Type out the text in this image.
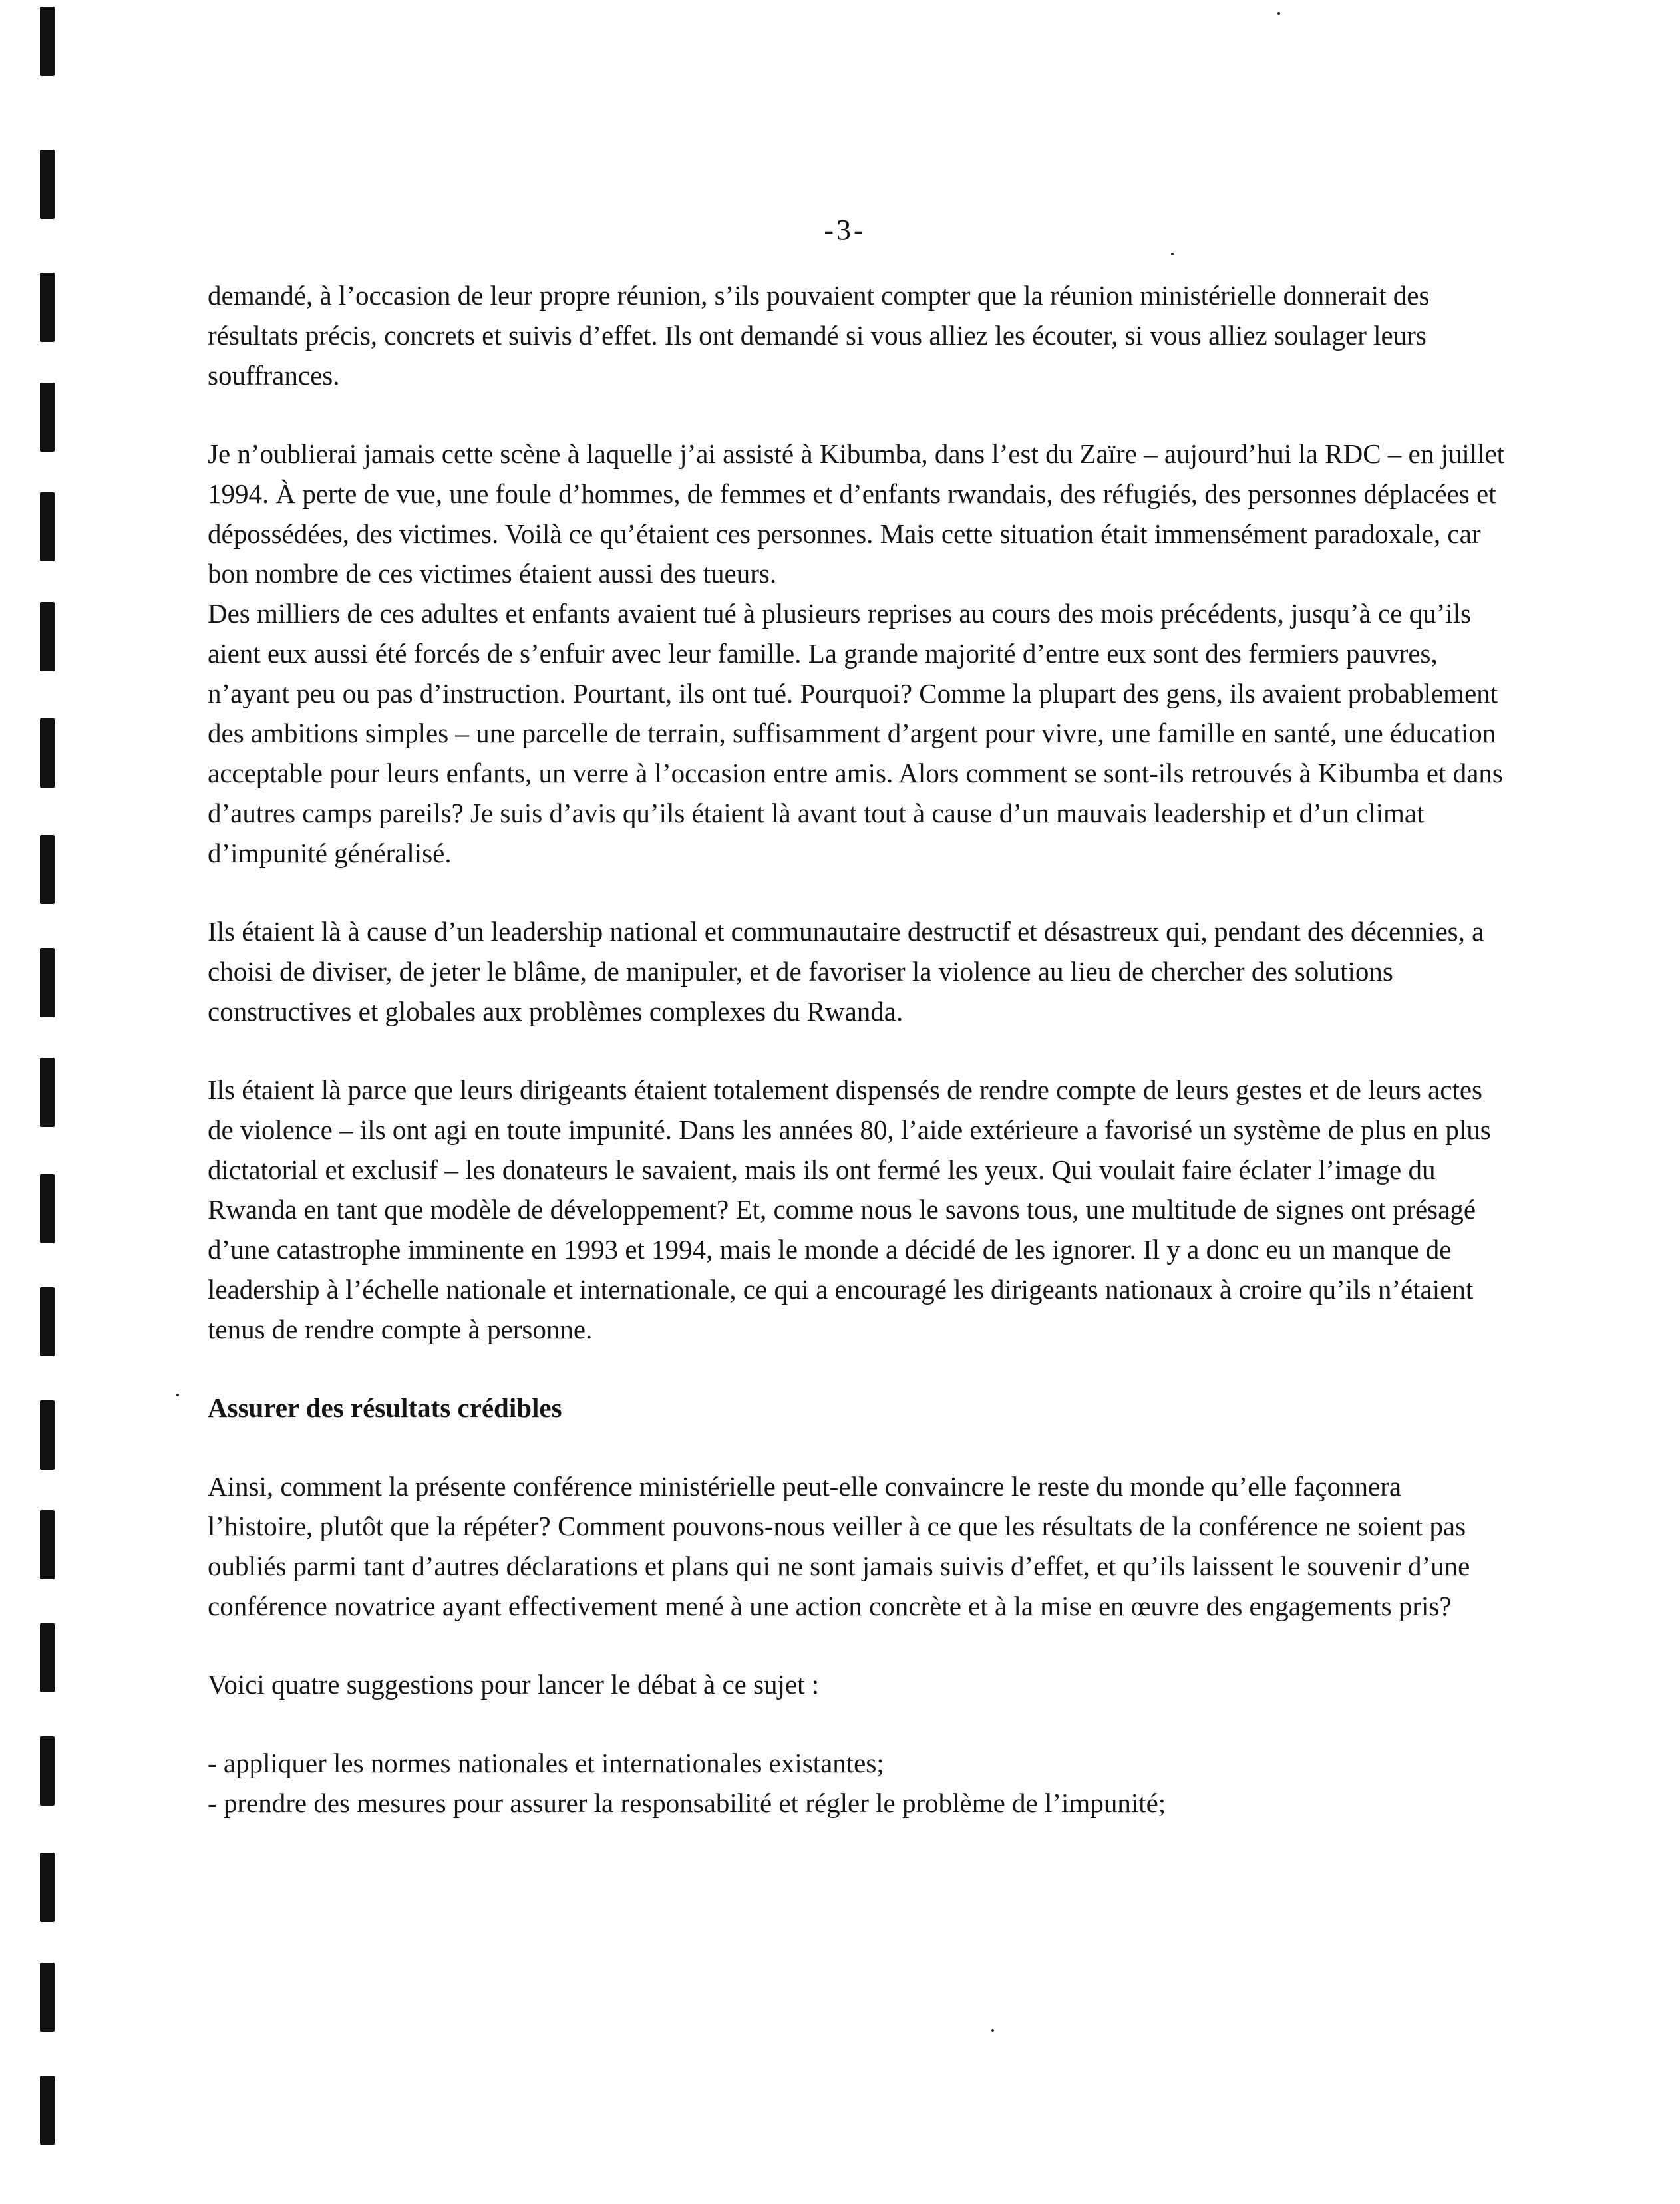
-3-

demandé, à l’occasion de leur propre réunion, s’ils pouvaient compter que la réunion ministérielle donnerait des résultats précis, concrets et suivis d’effet. Ils ont demandé si vous alliez les écouter, si vous alliez soulager leurs souffrances.

Je n’oublierai jamais cette scène à laquelle j’ai assisté à Kibumba, dans l’est du Zaïre – aujourd’hui la RDC – en juillet 1994. À perte de vue, une foule d’hommes, de femmes et d’enfants rwandais, des réfugiés, des personnes déplacées et dépossédées, des victimes. Voilà ce qu’étaient ces personnes. Mais cette situation était immensément paradoxale, car bon nombre de ces victimes étaient aussi des tueurs.

Des milliers de ces adultes et enfants avaient tué à plusieurs reprises au cours des mois précédents, jusqu’à ce qu’ils aient eux aussi été forcés de s’enfuir avec leur famille. La grande majorité d’entre eux sont des fermiers pauvres, n’ayant peu ou pas d’instruction. Pourtant, ils ont tué. Pourquoi? Comme la plupart des gens, ils avaient probablement des ambitions simples – une parcelle de terrain, suffisamment d’argent pour vivre, une famille en santé, une éducation acceptable pour leurs enfants, un verre à l’occasion entre amis. Alors comment se sont-ils retrouvés à Kibumba et dans d’autres camps pareils? Je suis d’avis qu’ils étaient là avant tout à cause d’un mauvais leadership et d’un climat d’impunité généralisé.

Ils étaient là à cause d’un leadership national et communautaire destructif et désastreux qui, pendant des décennies, a choisi de diviser, de jeter le blâme, de manipuler, et de favoriser la violence au lieu de chercher des solutions constructives et globales aux problèmes complexes du Rwanda.

Ils étaient là parce que leurs dirigeants étaient totalement dispensés de rendre compte de leurs gestes et de leurs actes de violence – ils ont agi en toute impunité. Dans les années 80, l’aide extérieure a favorisé un système de plus en plus dictatorial et exclusif – les donateurs le savaient, mais ils ont fermé les yeux. Qui voulait faire éclater l’image du Rwanda en tant que modèle de développement? Et, comme nous le savons tous, une multitude de signes ont présagé d’une catastrophe imminente en 1993 et 1994, mais le monde a décidé de les ignorer. Il y a donc eu un manque de leadership à l’échelle nationale et internationale, ce qui a encouragé les dirigeants nationaux à croire qu’ils n’étaient tenus de rendre compte à personne.

Assurer des résultats crédibles

Ainsi, comment la présente conférence ministérielle peut-elle convaincre le reste du monde qu’elle façonnera l’histoire, plutôt que la répéter? Comment pouvons-nous veiller à ce que les résultats de la conférence ne soient pas oubliés parmi tant d’autres déclarations et plans qui ne sont jamais suivis d’effet, et qu’ils laissent le souvenir d’une conférence novatrice ayant effectivement mené à une action concrète et à la mise en œuvre des engagements pris?

Voici quatre suggestions pour lancer le débat à ce sujet :

- appliquer les normes nationales et internationales existantes;
- prendre des mesures pour assurer la responsabilité et régler le problème de l’impunité;
